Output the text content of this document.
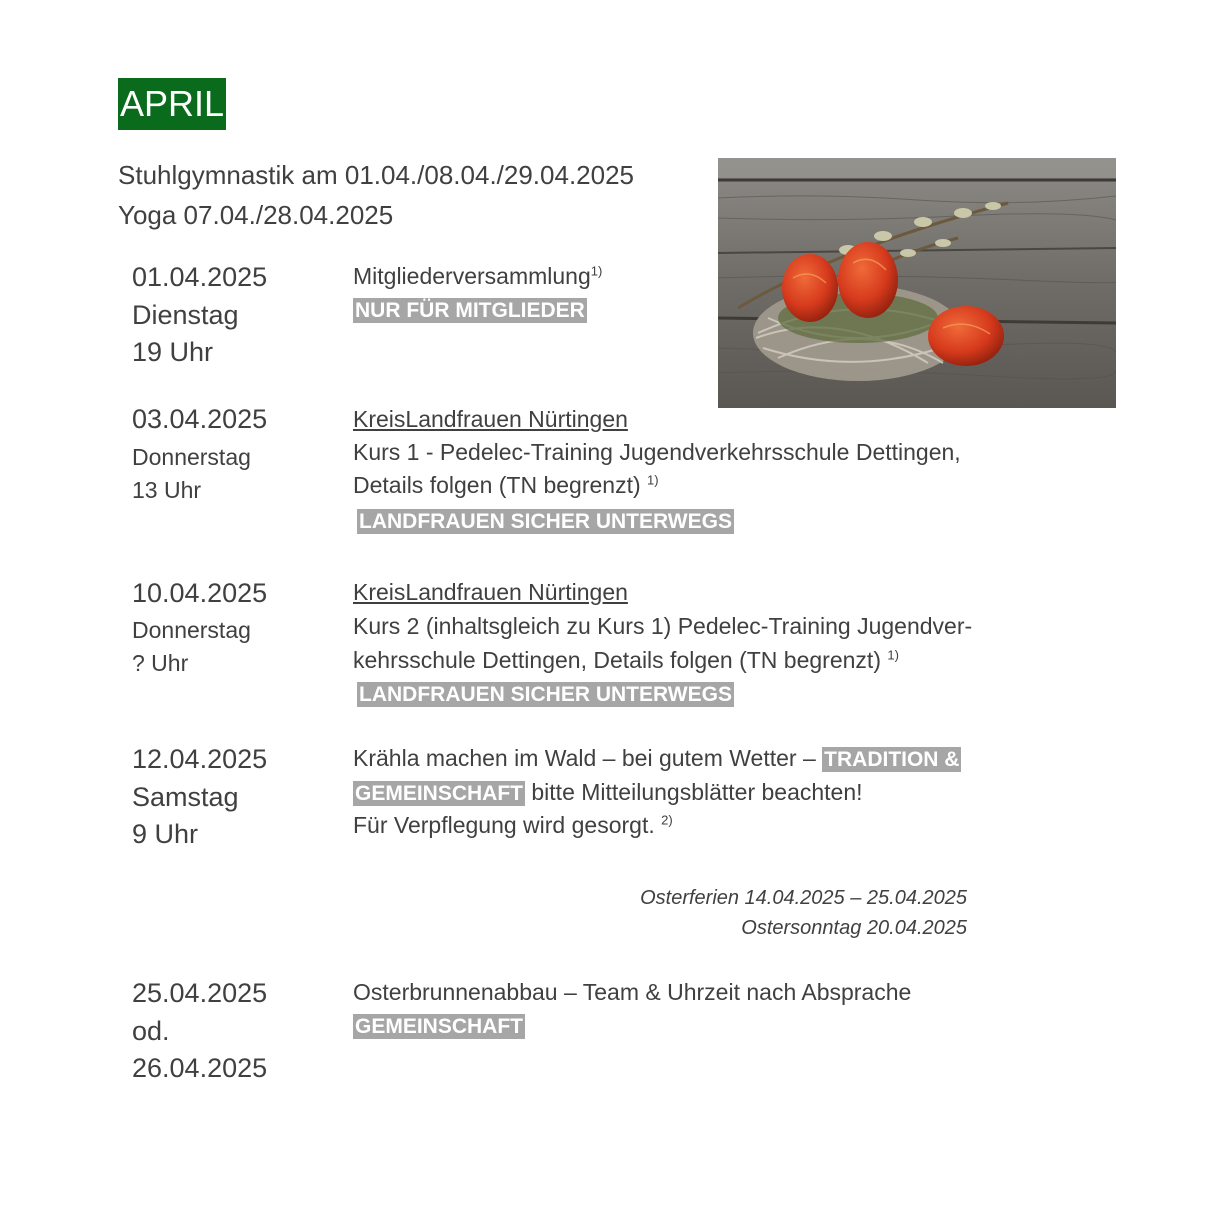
APRIL
Stuhlgymnastik am 01.04./08.04./29.04.2025
Yoga 07.04./28.04.2025
01.04.2025
Dienstag
19 Uhr
Mitgliederversammlung$^{1)}$
NUR FÜR MITGLIEDER
03.04.2025
Donnerstag
13 Uhr
KreisLandfrauen Nürtingen
Kurs 1 - Pedelec-Training Jugendverkehrsschule Dettingen,
Details folgen (TN begrenzt) $^{1)}$
LANDFRAUEN SICHER UNTERWEGS
10.04.2025
Donnerstag
? Uhr
KreisLandfrauen Nürtingen
Kurs 2 (inhaltsgleich zu Kurs 1) Pedelec-Training Jugendver-
kehrsschule Dettingen, Details folgen (TN begrenzt) $^{1)}$
LANDFRAUEN SICHER UNTERWEGS
12.04.2025
Samstag
9 Uhr
Krähla machen im Wald – bei gutem Wetter – TRADITION &
GEMEINSCHAFT bitte Mitteilungsblätter beachten!
Für Verpflegung wird gesorgt. $^{2)}$
Osterferien 14.04.2025 – 25.04.2025
Ostersonntag 20.04.2025
25.04.2025
od.
26.04.2025
Osterbrunnenabbau – Team & Uhrzeit nach Absprache
GEMEINSCHAFT
